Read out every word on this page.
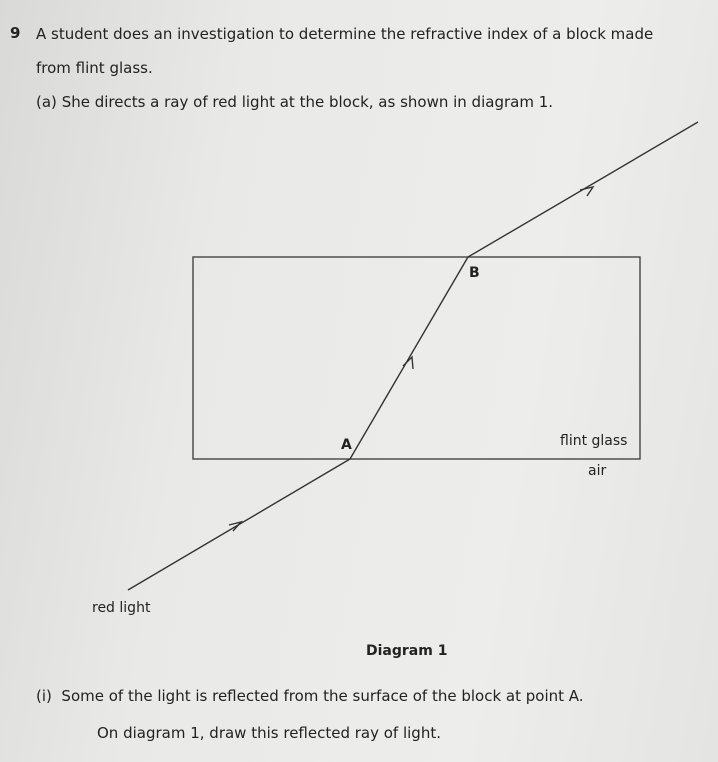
9 A student does an investigation to determine the refractive index of a block made
from flint glass.
(a) She directs a ray of red light at the block, as shown in diagram 1.
B
A	flint glass
air
red light
Diagram 1
(i) Some of the light is reflected from the surface of the block at point A.
On diagram 1, draw this reflected ray of light.
